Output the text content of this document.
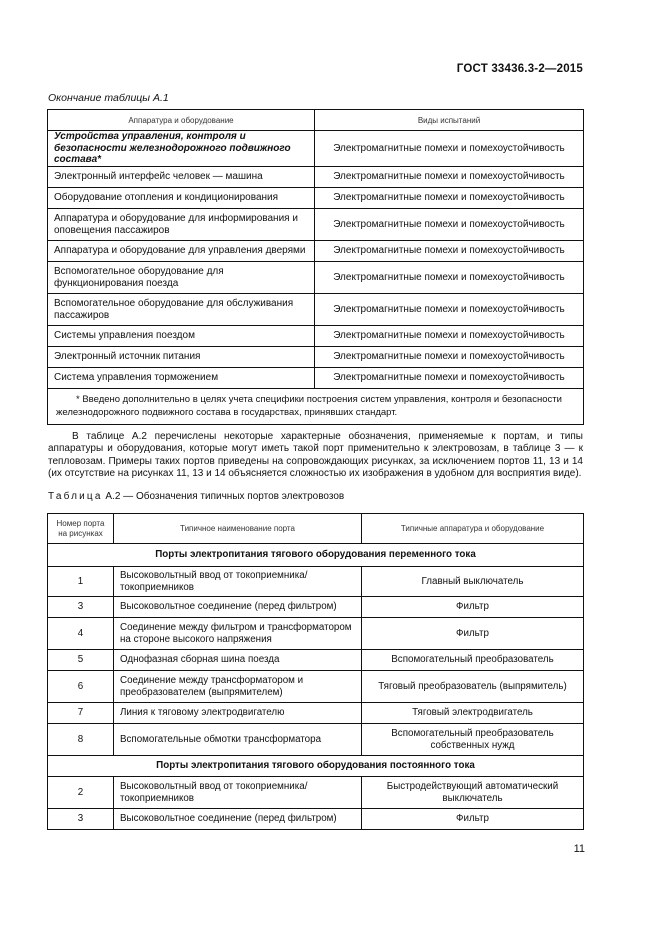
ГОСТ 33436.3-2—2015
Окончание таблицы А.1
Аппаратура и оборудование	Виды испытаний
Устройства управления, контроля и безопасности железнодорожного подвижного состава*	Электромагнитные помехи и помехоустойчивость
Электронный интерфейс человек — машина	Электромагнитные помехи и помехоустойчивость
Оборудование отопления и кондиционирования	Электромагнитные помехи и помехоустойчивость
Аппаратура и оборудование для информирования и оповещения пассажиров	Электромагнитные помехи и помехоустойчивость
Аппаратура и оборудование для управления дверями	Электромагнитные помехи и помехоустойчивость
Вспомогательное оборудование для функционирования поезда	Электромагнитные помехи и помехоустойчивость
Вспомогательное оборудование для обслуживания пассажиров	Электромагнитные помехи и помехоустойчивость
Системы управления поездом	Электромагнитные помехи и помехоустойчивость
Электронный источник питания	Электромагнитные помехи и помехоустойчивость
Система управления торможением	Электромагнитные помехи и помехоустойчивость
* Введено дополнительно в целях учета специфики построения систем управления, контроля и безопасности железнодорожного подвижного состава в государствах, принявших стандарт.	

В таблице А.2 перечислены некоторые характерные обозначения, применяемые к портам, и типы аппаратуры и оборудования, которые могут иметь такой порт применительно к электровозам, в таблице 3 — к тепловозам. Примеры таких портов приведены на сопровождающих рисунках, за исключением портов 11, 13 и 14 (их отсутствие на рисунках 11, 13 и 14 объясняется сложностью их изображения в удобном для восприятия виде).

Таблица А.2 — Обозначения типичных портов электровозов
Номер порта на рисунках	Типичное наименование порта	Типичные аппаратура и оборудование
Порты электропитания тягового оборудования переменного тока		
1	Высоковольтный ввод от токоприемника/токоприемников	Главный выключатель
3	Высоковольтное соединение (перед фильтром)	Фильтр
4	Соединение между фильтром и трансформатором на стороне высокого напряжения	Фильтр
5	Однофазная сборная шина поезда	Вспомогательный преобразователь
6	Соединение между трансформатором и преобразователем (выпрямителем)	Тяговый преобразователь (выпрямитель)
7	Линия к тяговому электродвигателю	Тяговый электродвигатель
8	Вспомогательные обмотки трансформатора	Вспомогательный преобразователь собственных нужд
Порты электропитания тягового оборудования постоянного тока		
2	Высоковольтный ввод от токоприемника/токоприемников	Быстродействующий автоматический выключатель
3	Высоковольтное соединение (перед фильтром)	Фильтр
11
